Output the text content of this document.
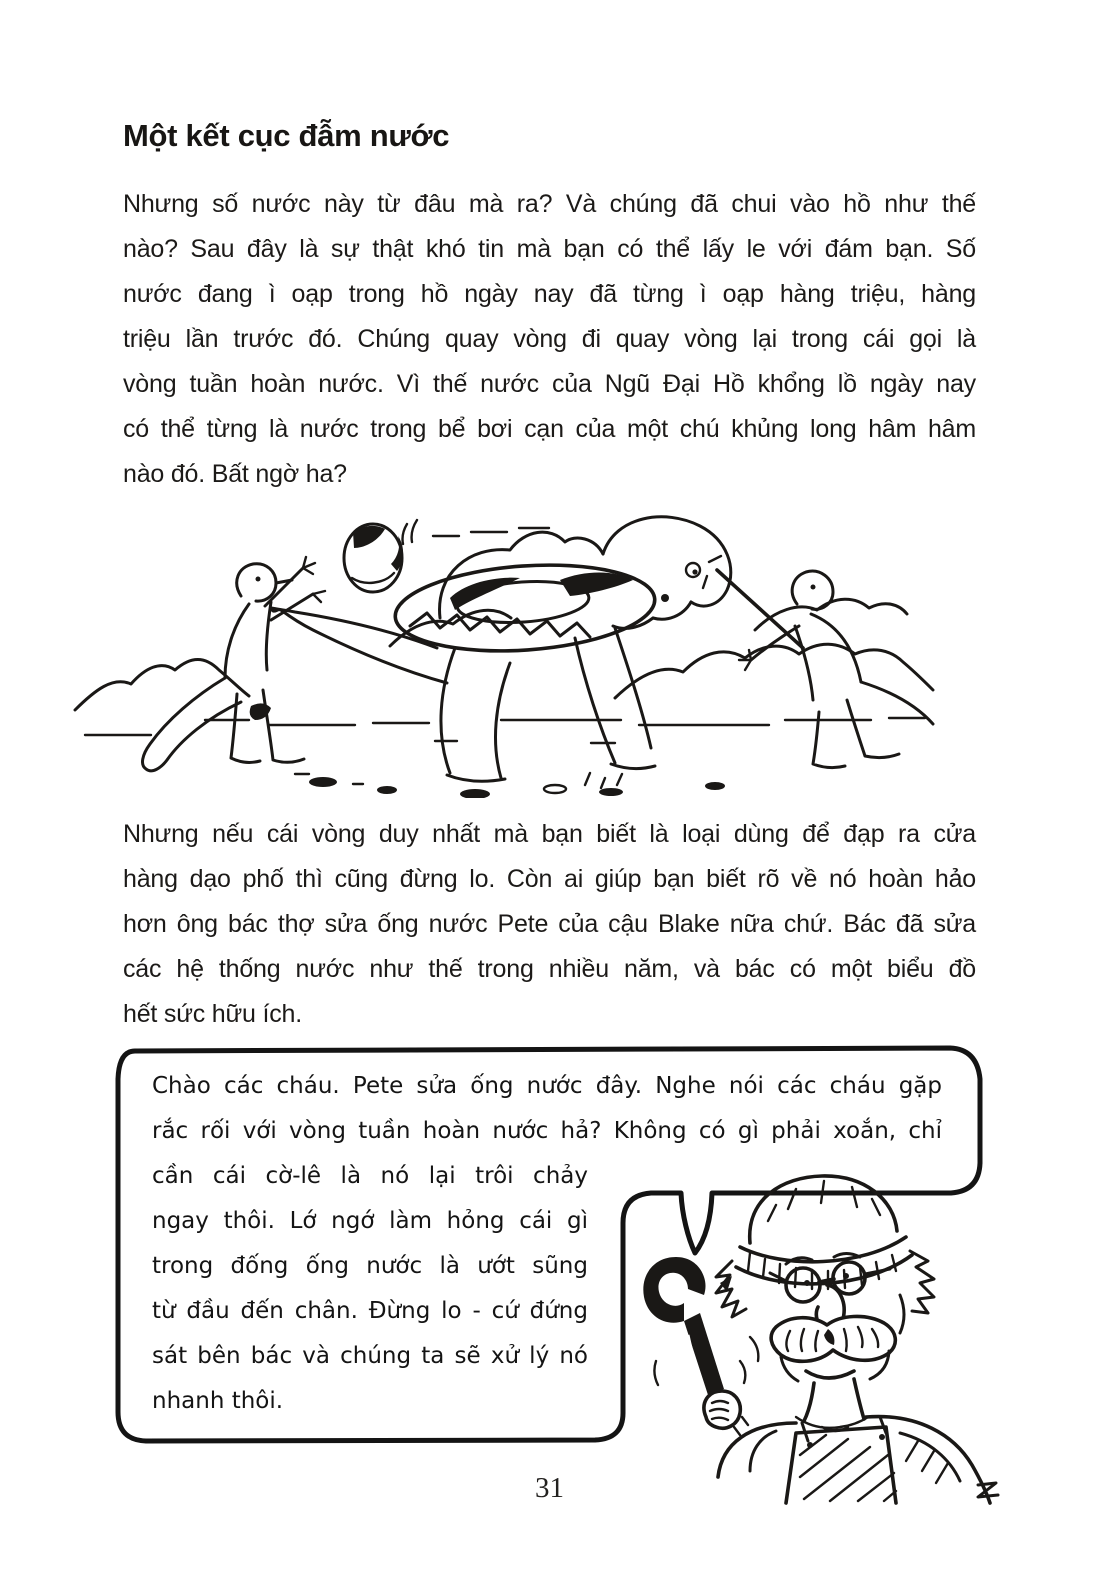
Một kết cục đẫm nước
Nhưng số nước này từ đâu mà ra? Và chúng đã chui vào hồ như thế
nào? Sau đây là sự thật khó tin mà bạn có thể lấy le với đám bạn. Số
nước đang ì oạp trong hồ ngày nay đã từng ì oạp hàng triệu, hàng
triệu lần trước đó. Chúng quay vòng đi quay vòng lại trong cái gọi là
vòng tuần hoàn nước. Vì thế nước của Ngũ Đại Hồ khổng lồ ngày nay
có thể từng là nước trong bể bơi cạn của một chú khủng long hâm hâm
nào đó. Bất ngờ ha?
Nhưng nếu cái vòng duy nhất mà bạn biết là loại dùng để đạp ra cửa
hàng dạo phố thì cũng đừng lo. Còn ai giúp bạn biết rõ về nó hoàn hảo
hơn ông bác thợ sửa ống nước Pete của cậu Blake nữa chứ. Bác đã sửa
các hệ thống nước như thế trong nhiều năm, và bác có một biểu đồ
hết sức hữu ích.
Chào các cháu. Pete sửa ống nước đây. Nghe nói các cháu gặp
rắc rối với vòng tuần hoàn nước hả? Không có gì phải xoắn, chỉ
cần cái cờ-lê là nó lại trôi chảy
ngay thôi. Lớ ngớ làm hỏng cái gì
trong đống ống nước là ướt sũng
từ đầu đến chân. Đừng lo - cứ đứng
sát bên bác và chúng ta sẽ xử lý nó
nhanh thôi.
31
